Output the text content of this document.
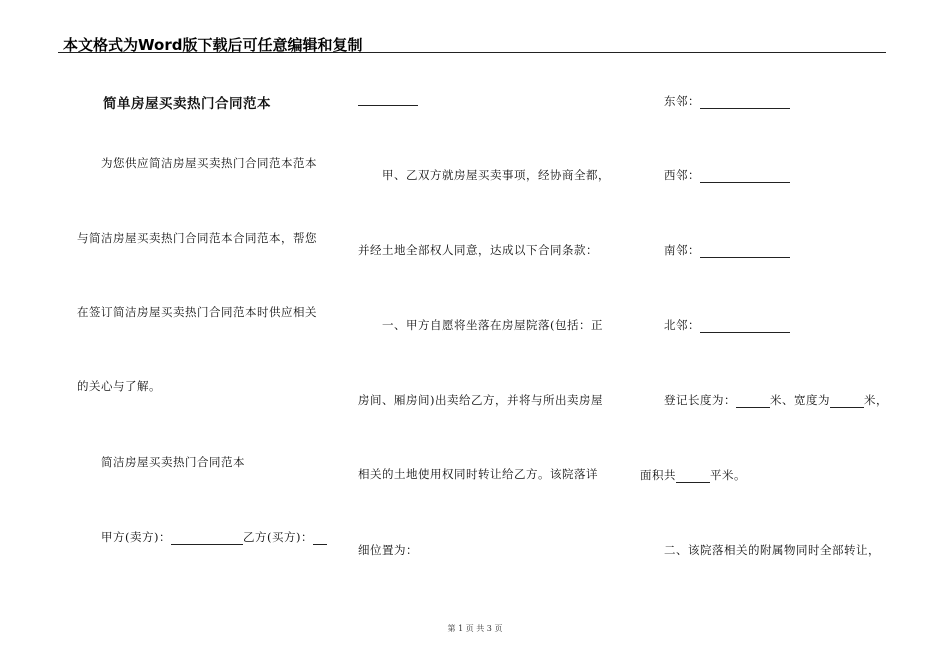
本文格式为Word版下载后可任意编辑和复制
简单房屋买卖热门合同范本
为您供应简洁房屋买卖热门合同范本范本
与简洁房屋买卖热门合同范本合同范本，帮您
在签订简洁房屋买卖热门合同范本时供应相关
的关心与了解。
简洁房屋买卖热门合同范本
甲方(卖方)：	乙方(买方)：
甲、乙双方就房屋买卖事项，经协商全都，
并经土地全部权人同意，达成以下合同条款：
一、甲方自愿将坐落在房屋院落(包括：正
房间、厢房间)出卖给乙方，并将与所出卖房屋
相关的土地使用权同时转让给乙方。该院落详
细位置为：
东邻：
西邻：
南邻：
北邻：
登记长度为：	米、宽度为	米，
面积共	平米。
二、该院落相关的附属物同时全部转让，
第 1 页 共 3 页
